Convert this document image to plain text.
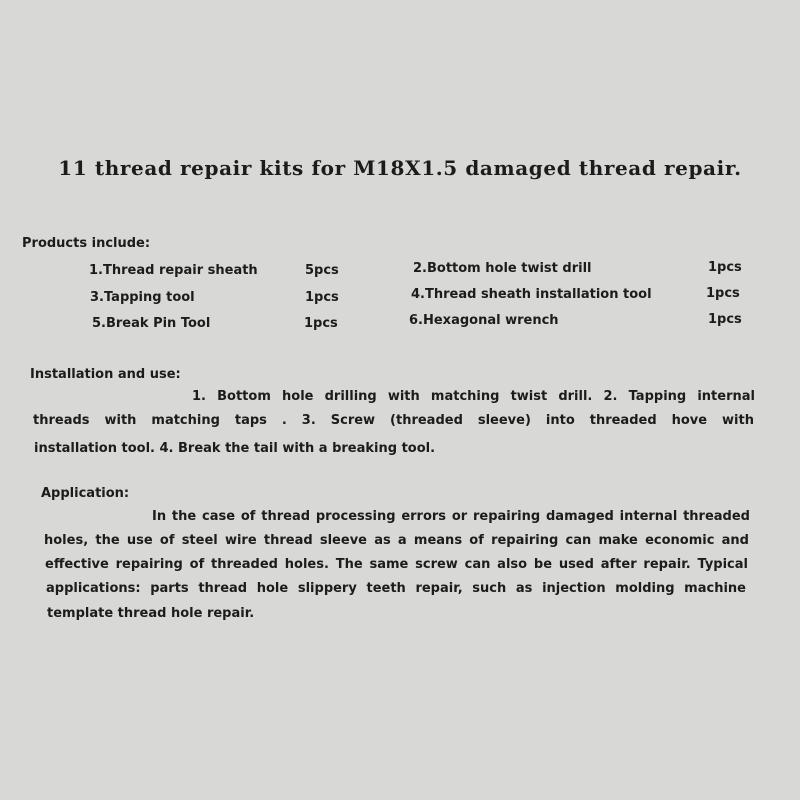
11 thread repair kits for M18X1.5 damaged thread repair.
Products include:
1.Thread repair sheath	5pcs	2.Bottom hole twist drill	1pcs
3.Tapping tool	1pcs	4.Thread sheath installation tool	1pcs
5.Break Pin Tool	1pcs	6.Hexagonal wrench	1pcs
Installation and use:
1. Bottom hole drilling with matching twist drill. 2. Tapping internal
threads with matching taps . 3. Screw (threaded sleeve) into threaded hove with
installation tool. 4. Break the tail with a breaking tool.
Application:
In the case of thread processing errors or repairing damaged internal threaded
holes, the use of steel wire thread sleeve as a means of repairing can make economic and
effective repairing of threaded holes. The same screw can also be used after repair. Typical
applications: parts thread hole slippery teeth repair, such as injection molding machine
template thread hole repair.
